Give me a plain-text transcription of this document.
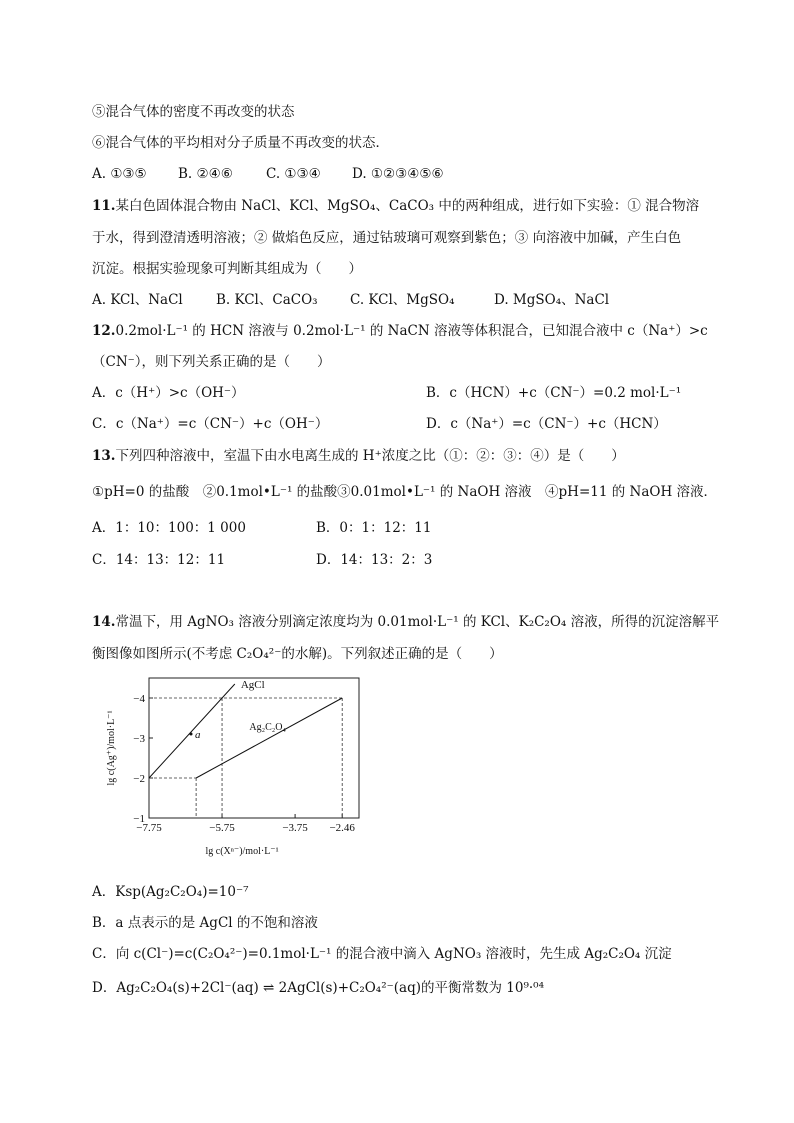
⑤混合气体的密度不再改变的状态
⑥混合气体的平均相对分子质量不再改变的状态．
A. ①③⑤ B. ②④⑥ C. ①③④ D. ①②③④⑤⑥
11.某白色固体混合物由 NaCl、KCl、MgSO₄、CaCO₃ 中的两种组成，进行如下实验：① 混合物溶
于水，得到澄清透明溶液；② 做焰色反应，通过钴玻璃可观察到紫色；③ 向溶液中加碱，产生白色
沉淀。根据实验现象可判断其组成为（　　）
A. KCl、NaCl B. KCl、CaCO₃ C. KCl、MgSO₄	D. MgSO₄、NaCl
12.0.2mol·L⁻¹ 的 HCN 溶液与 0.2mol·L⁻¹ 的 NaCN 溶液等体积混合，已知混合液中 c（Na⁺）>c
（CN⁻），则下列关系正确的是（　　）
A．c（H⁺）>c（OH⁻）	B．c（HCN）+c（CN⁻）=0.2 mol·L⁻¹
C．c（Na⁺）=c（CN⁻）+c（OH⁻）	D．c（Na⁺）=c（CN⁻）+c（HCN）
13.下列四种溶液中，室温下由水电离生成的 H⁺浓度之比（①：②：③：④）是（　　）
①pH=0 的盐酸　②0.1mol•L⁻¹ 的盐酸③0.01mol•L⁻¹ 的 NaOH 溶液　④pH=11 的 NaOH 溶液．
A．1：10：100：1 000	B．0：1：12：11
C．14：13：12：11	D．14：13：2：3
14.常温下，用 AgNO₃ 溶液分别滴定浓度均为 0.01mol·L⁻¹ 的 KCl、K₂C₂O₄ 溶液，所得的沉淀溶解平
衡图像如图所示(不考虑 C₂O₄²⁻的水解)。下列叙述正确的是（　　）
−4
−3
−2
−1
−7.75	−5.75	−3.75 −2.46
AgCl
Ag₂C₂O₄
a
lg c(Ag⁺)/mol·L⁻¹
lg c(Xⁿ⁻)/mol·L⁻¹
A．Ksp(Ag₂C₂O₄)=10⁻⁷
B．a 点表示的是 AgCl 的不饱和溶液
C．向 c(Cl⁻)=c(C₂O₄²⁻)=0.1mol·L⁻¹ 的混合液中滴入 AgNO₃ 溶液时，先生成 Ag₂C₂O₄ 沉淀
D．Ag₂C₂O₄(s)+2Cl⁻(aq) ⇌ 2AgCl(s)+C₂O₄²⁻(aq)的平衡常数为 10⁹·⁰⁴
